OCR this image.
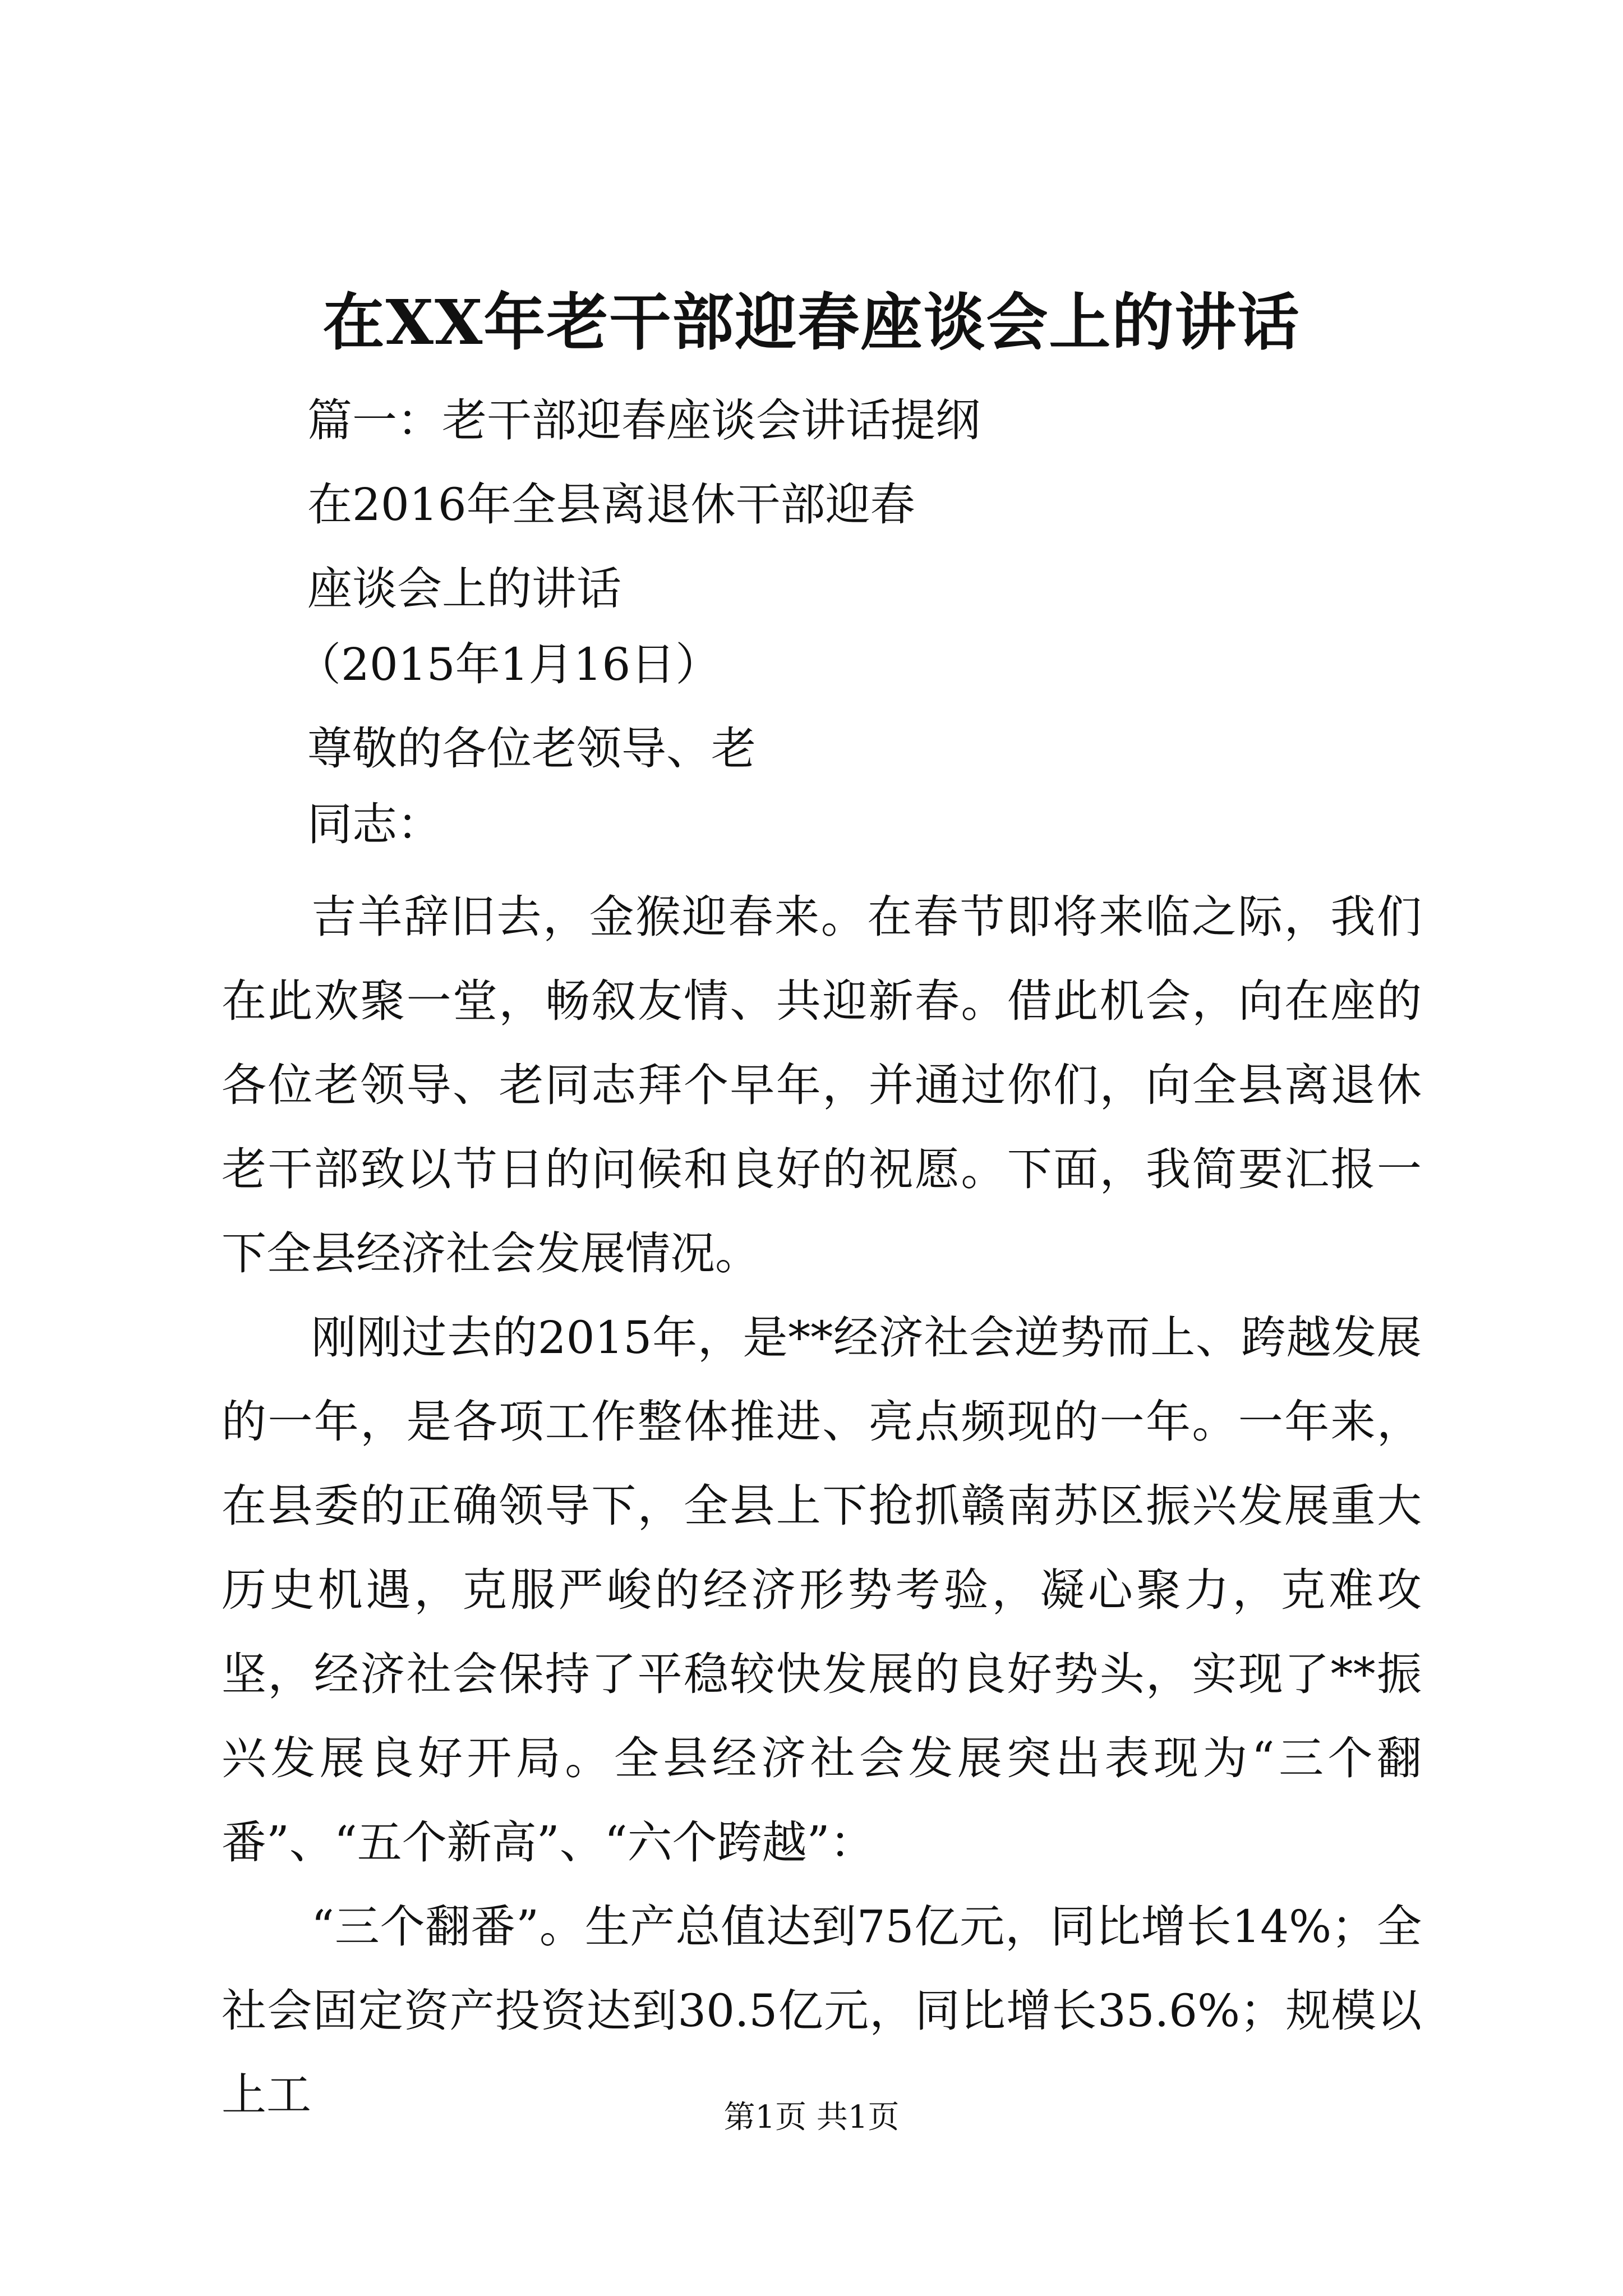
在XX年老干部迎春座谈会上的讲话
篇一：老干部迎春座谈会讲话提纲
在2016年全县离退休干部迎春
座谈会上的讲话
（2015年1月16日）
尊敬的各位老领导、老
同志：

吉羊辞旧去，金猴迎春来。在春节即将来临之际，我们在此欢聚一堂，畅叙友情、共迎新春。借此机会，向在座的各位老领导、老同志拜个早年，并通过你们，向全县离退休老干部致以节日的问候和良好的祝愿。下面，我简要汇报一下全县经济社会发展情况。

刚刚过去的2015年，是**经济社会逆势而上、跨越发展的一年，是各项工作整体推进、亮点频现的一年。一年来，在县委的正确领导下，全县上下抢抓赣南苏区振兴发展重大历史机遇，克服严峻的经济形势考验，凝心聚力，克难攻坚，经济社会保持了平稳较快发展的良好势头，实现了**振兴发展良好开局。全县经济社会发展突出表现为“三个翻番”、“五个新高”、“六个跨越”：

“三个翻番”。生产总值达到75亿元，同比增长14%；全社会固定资产投资达到30.5亿元，同比增长35.6%；规模以上工	第1页 共1页
